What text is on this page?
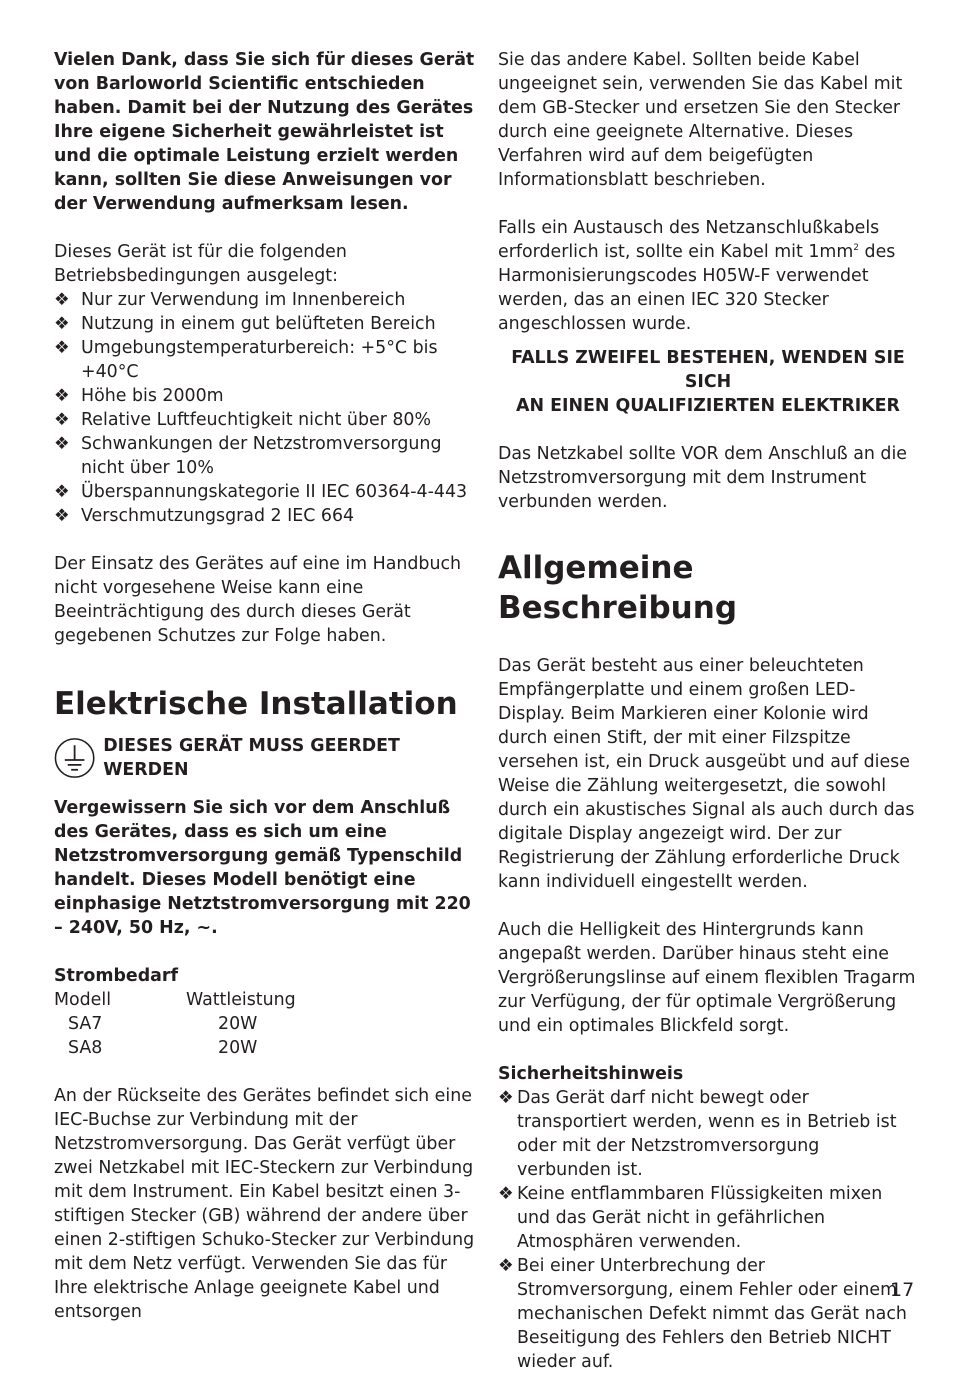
Vielen Dank, dass Sie sich für dieses Gerät von Barloworld Scientific entschieden haben. Damit bei der Nutzung des Gerätes Ihre eigene Sicherheit gewährleistet ist und die optimale Leistung erzielt werden kann, sollten Sie diese Anweisungen vor der Verwendung aufmerksam lesen.

Dieses Gerät ist für die folgenden Betriebsbedingungen ausgelegt:

❖ Nur zur Verwendung im Innenbereich
❖ Nutzung in einem gut belüfteten Bereich
❖ Umgebungstemperaturbereich: +5°C bis +40°C
❖ Höhe bis 2000m
❖ Relative Luftfeuchtigkeit nicht über 80%
❖ Schwankungen der Netzstromversorgung nicht über 10%
❖ Überspannungskategorie II IEC 60364-4-443
❖ Verschmutzungsgrad 2 IEC 664

Der Einsatz des Gerätes auf eine im Handbuch nicht vorgesehene Weise kann eine Beeinträchtigung des durch dieses Gerät gegebenen Schutzes zur Folge haben.

Elektrische Installation
DIESES GERÄT MUSS GEERDET WERDEN

Vergewissern Sie sich vor dem Anschluß des Gerätes, dass es sich um eine Netzstromversorgung gemäß Typenschild handelt. Dieses Modell benötigt eine einphasige Netztstromversorgung mit 220 – 240V, 50 Hz, ~.

Strombedarf

Modell	Wattleistung
SA7	20W
SA8	20W

An der Rückseite des Gerätes befindet sich eine IEC-Buchse zur Verbindung mit der Netzstromversorgung. Das Gerät verfügt über zwei Netzkabel mit IEC-Steckern zur Verbindung mit dem Instrument. Ein Kabel besitzt einen 3-stiftigen Stecker (GB) während der andere über einen 2-stiftigen Schuko-Stecker zur Verbindung mit dem Netz verfügt. Verwenden Sie das für Ihre elektrische Anlage geeignete Kabel und entsorgen

Sie das andere Kabel. Sollten beide Kabel ungeeignet sein, verwenden Sie das Kabel mit dem GB-Stecker und ersetzen Sie den Stecker durch eine geeignete Alternative. Dieses Verfahren wird auf dem beigefügten Informationsblatt beschrieben.

Falls ein Austausch des Netzanschlußkabels erforderlich ist, sollte ein Kabel mit $1mm^2$ des Harmonisierungscodes H05W-F verwendet werden, das an einen IEC 320 Stecker angeschlossen wurde.

FALLS ZWEIFEL BESTEHEN, WENDEN SIE SICH
AN EINEN QUALIFIZIERTEN ELEKTRIKER

Das Netzkabel sollte VOR dem Anschluß an die Netzstromversorgung mit dem Instrument verbunden werden.

Allgemeine Beschreibung

Das Gerät besteht aus einer beleuchteten Empfängerplatte und einem großen LED-Display. Beim Markieren einer Kolonie wird durch einen Stift, der mit einer Filzspitze versehen ist, ein Druck ausgeübt und auf diese Weise die Zählung weitergesetzt, die sowohl durch ein akustisches Signal als auch durch das digitale Display angezeigt wird. Der zur Registrierung der Zählung erforderliche Druck kann individuell eingestellt werden.

Auch die Helligkeit des Hintergrunds kann angepaßt werden. Darüber hinaus steht eine Vergrößerungslinse auf einem flexiblen Tragarm zur Verfügung, der für optimale Vergrößerung und ein optimales Blickfeld sorgt.

Sicherheitshinweis

❖ Das Gerät darf nicht bewegt oder transportiert werden, wenn es in Betrieb ist oder mit der Netzstromversorgung verbunden ist.
❖ Keine entflammbaren Flüssigkeiten mixen und das Gerät nicht in gefährlichen Atmosphären verwenden.
❖ Bei einer Unterbrechung der Stromversorgung, einem Fehler oder einem mechanischen Defekt nimmt das Gerät nach Beseitigung des Fehlers den Betrieb NICHT wieder auf.
17
